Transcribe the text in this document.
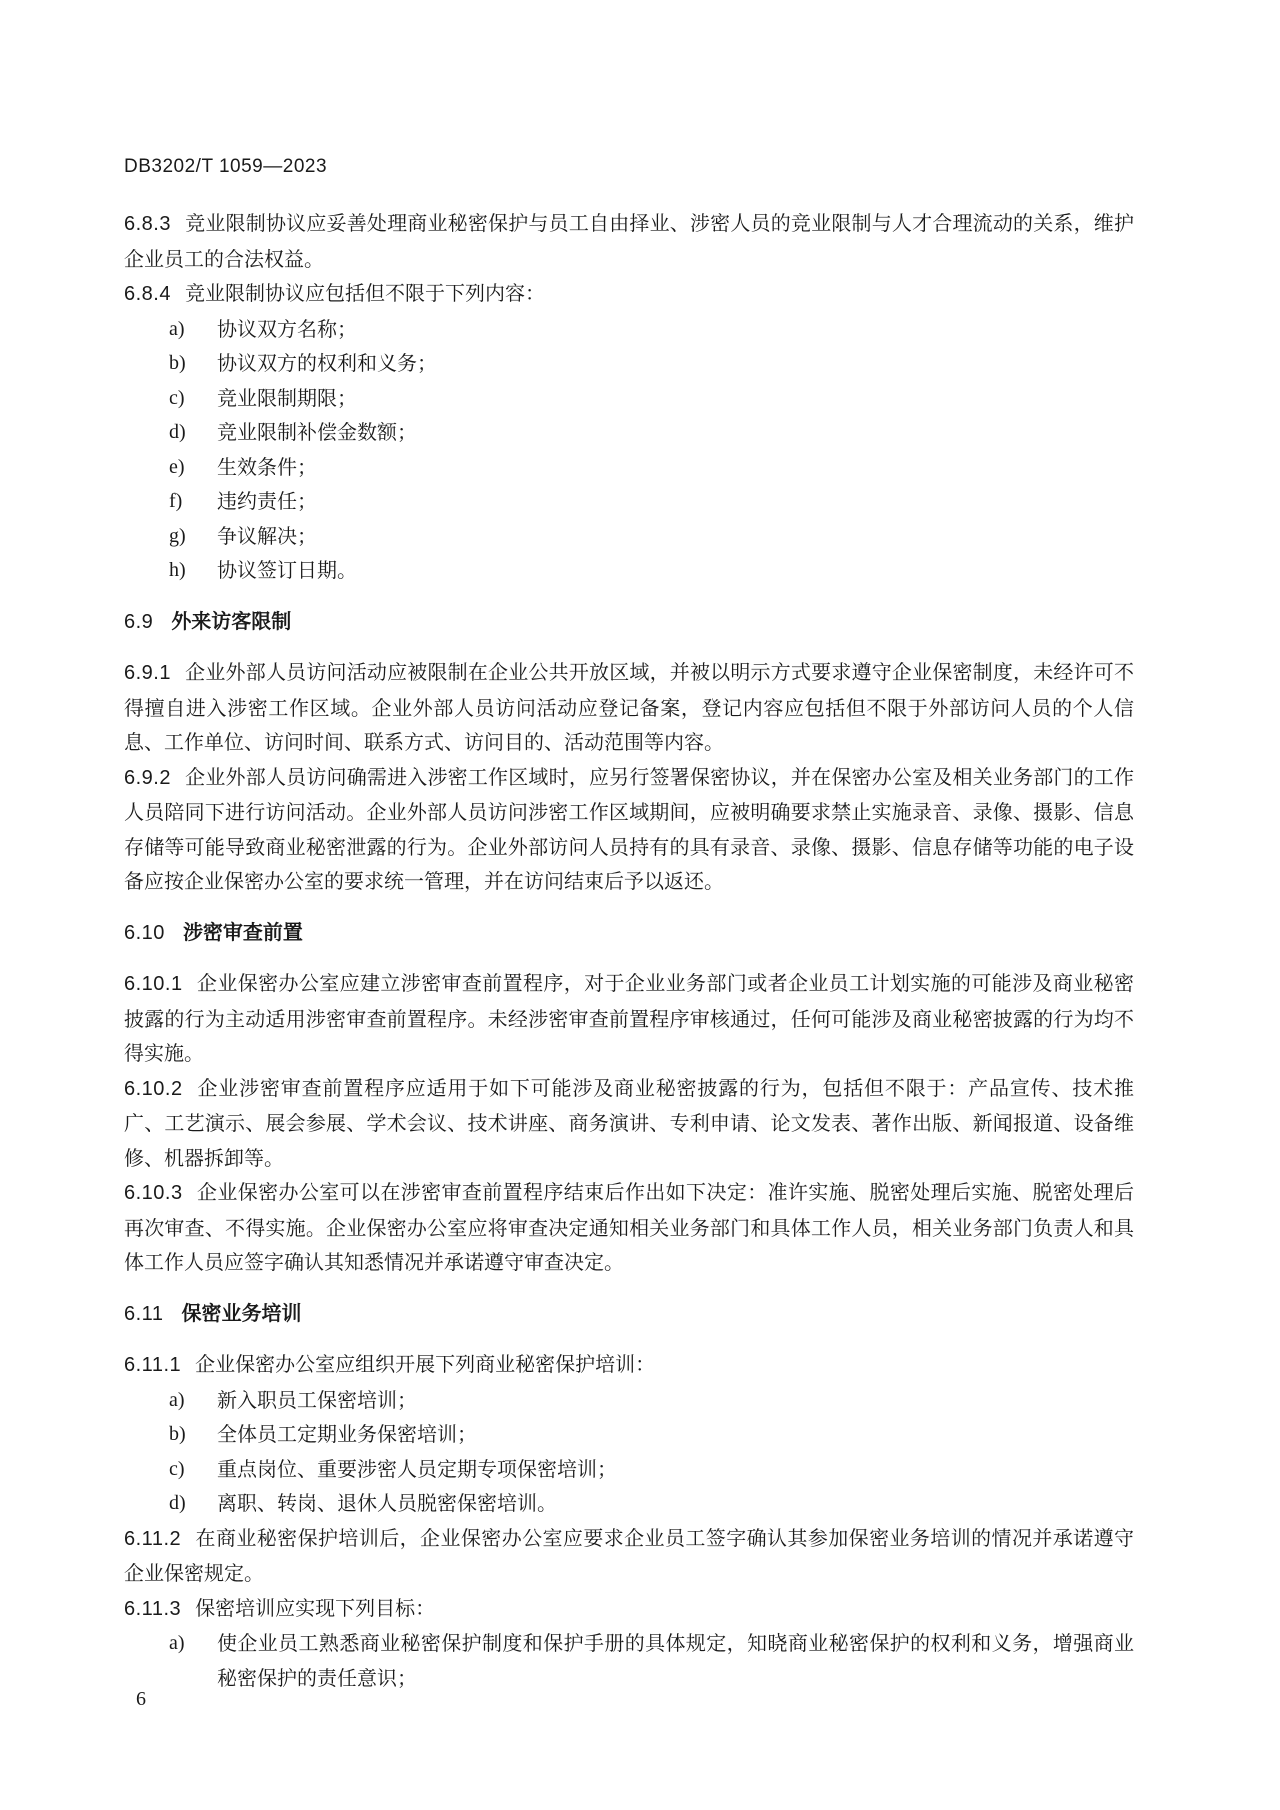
DB3202/T 1059—2023

6.8.3 竞业限制协议应妥善处理商业秘密保护与员工自由择业、涉密人员的竞业限制与人才合理流动的关系，维护企业员工的合法权益。

6.8.4 竞业限制协议应包括但不限于下列内容：

a)	协议双方名称；

b)	协议双方的权利和义务；

c)	竞业限制期限；

d)	竞业限制补偿金数额；

e)	生效条件；

f)	违约责任；

g)	争议解决；

h)	协议签订日期。

6.9 外来访客限制

6.9.1 企业外部人员访问活动应被限制在企业公共开放区域，并被以明示方式要求遵守企业保密制度，未经许可不得擅自进入涉密工作区域。企业外部人员访问活动应登记备案，登记内容应包括但不限于外部访问人员的个人信息、工作单位、访问时间、联系方式、访问目的、活动范围等内容。

6.9.2 企业外部人员访问确需进入涉密工作区域时，应另行签署保密协议，并在保密办公室及相关业务部门的工作人员陪同下进行访问活动。企业外部人员访问涉密工作区域期间，应被明确要求禁止实施录音、录像、摄影、信息存储等可能导致商业秘密泄露的行为。企业外部访问人员持有的具有录音、录像、摄影、信息存储等功能的电子设备应按企业保密办公室的要求统一管理，并在访问结束后予以返还。

6.10 涉密审查前置

6.10.1 企业保密办公室应建立涉密审查前置程序，对于企业业务部门或者企业员工计划实施的可能涉及商业秘密披露的行为主动适用涉密审查前置程序。未经涉密审查前置程序审核通过，任何可能涉及商业秘密披露的行为均不得实施。

6.10.2 企业涉密审查前置程序应适用于如下可能涉及商业秘密披露的行为，包括但不限于：产品宣传、技术推广、工艺演示、展会参展、学术会议、技术讲座、商务演讲、专利申请、论文发表、著作出版、新闻报道、设备维修、机器拆卸等。

6.10.3 企业保密办公室可以在涉密审查前置程序结束后作出如下决定：准许实施、脱密处理后实施、脱密处理后再次审查、不得实施。企业保密办公室应将审查决定通知相关业务部门和具体工作人员，相关业务部门负责人和具体工作人员应签字确认其知悉情况并承诺遵守审查决定。

6.11 保密业务培训

6.11.1 企业保密办公室应组织开展下列商业秘密保护培训：

a)	新入职员工保密培训；

b)	全体员工定期业务保密培训；

c)	重点岗位、重要涉密人员定期专项保密培训；

d)	离职、转岗、退休人员脱密保密培训。

6.11.2 在商业秘密保护培训后，企业保密办公室应要求企业员工签字确认其参加保密业务培训的情况并承诺遵守企业保密规定。

6.11.3 保密培训应实现下列目标：

a)	使企业员工熟悉商业秘密保护制度和保护手册的具体规定，知晓商业秘密保护的权利和义务，增强商业秘密保护的责任意识；

6
